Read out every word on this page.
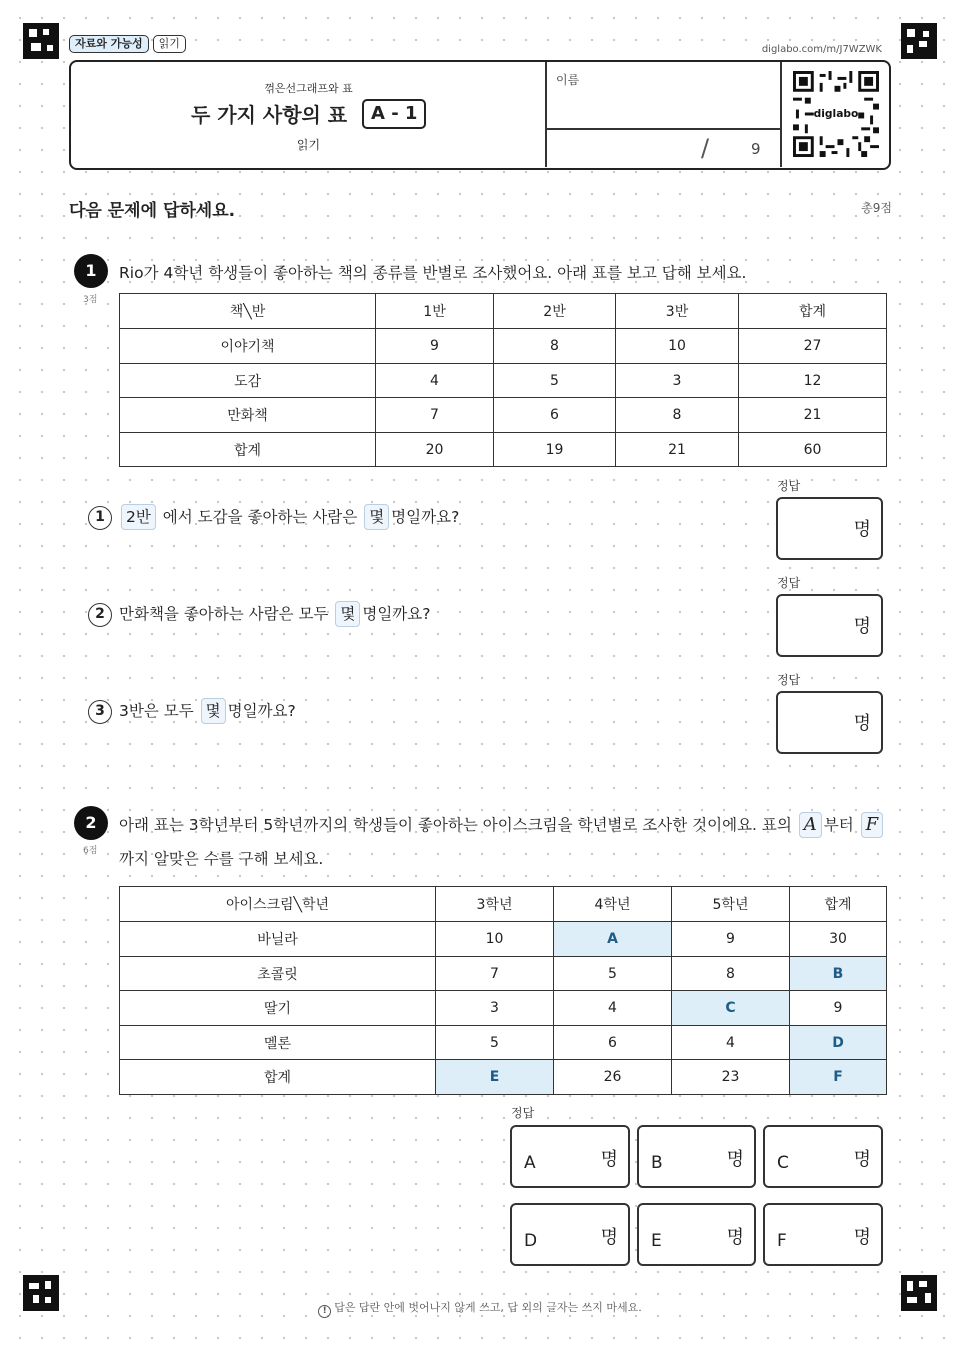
자료와 가능성	읽기	diglabo.com/m/J7WZWK
꺾은선그래프와 표
두 가지 사항의 표	A - 1
읽기
이름
/	9
diglabo
다음 문제에 답하세요.	총9점
1
3점
Rio가 4학년 학생들이 좋아하는 책의 종류를 반별로 조사했어요. 아래 표를 보고 답해 보세요.
책╲반	1반	2반	3반	합계
이야기책	9	8	10	27
도감	4	5	3	12
만화책	7	6	8	21
합계	20	19	21	60
1	2반 에서 도감을 좋아하는 사람은 몇 명일까요?
정답
명
2 만화책을 좋아하는 사람은 모두 몇 명일까요?
정답
명
3 3반은 모두 몇 명일까요?
정답
명
2
6점
아래 표는 3학년부터 5학년까지의 학생들이 좋아하는 아이스크림을 학년별로 조사한 것이에요. 표의 A 부터 F 까지 알맞은 수를 구해 보세요.
아이스크림╲학년	3학년	4학년	5학년	합계
바닐라	10	A	9	30
초콜릿	7	5	8	B
딸기	3	4	C	9
멜론	5	6	4	D
합계	E	26	23	F
정답
A	명 B	명 C	명
D	명 E	명 F	명
! 답은 답란 안에 벗어나지 않게 쓰고, 답 외의 글자는 쓰지 마세요.
